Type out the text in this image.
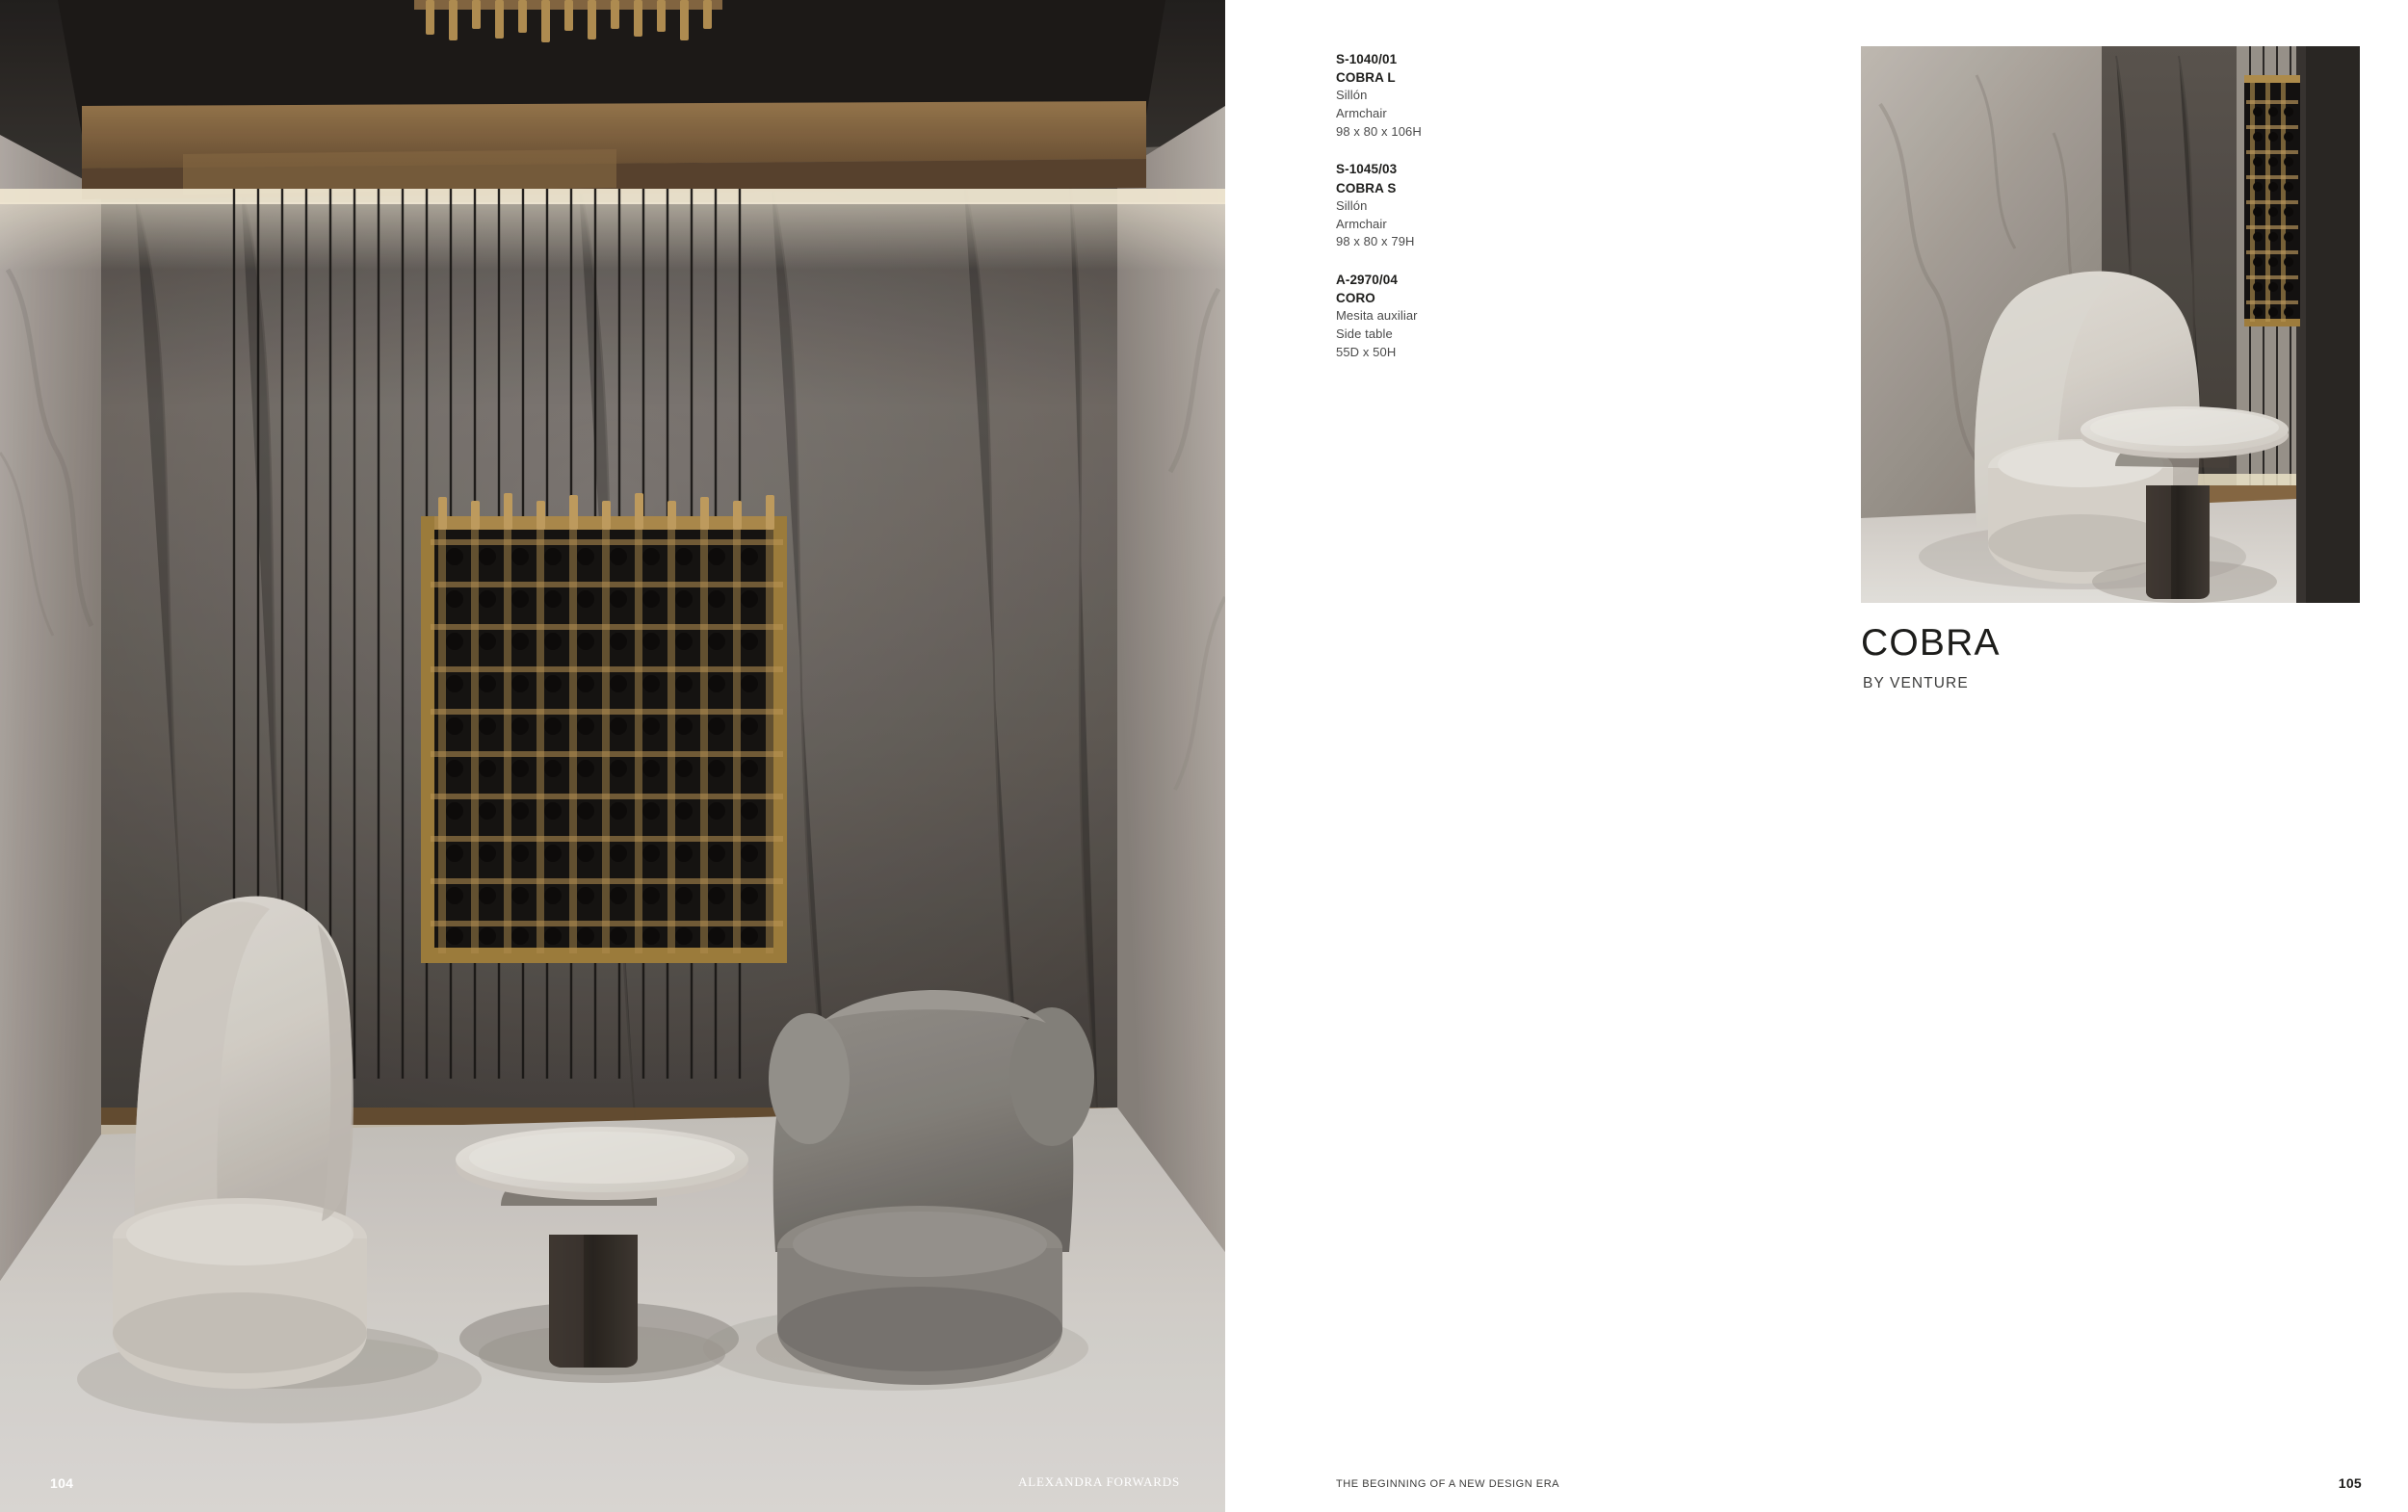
104	ALEXANDRA FORWARDS
S-1040/01
COBRA L
Sillón
Armchair
98 x 80 x 106H
S-1045/03
COBRA S
Sillón
Armchair
98 x 80 x 79H
A-2970/04
CORO
Mesita auxiliar
Side table
55D x 50H
COBRA
BY VENTURE
THE BEGINNING OF A NEW DESIGN ERA	105
